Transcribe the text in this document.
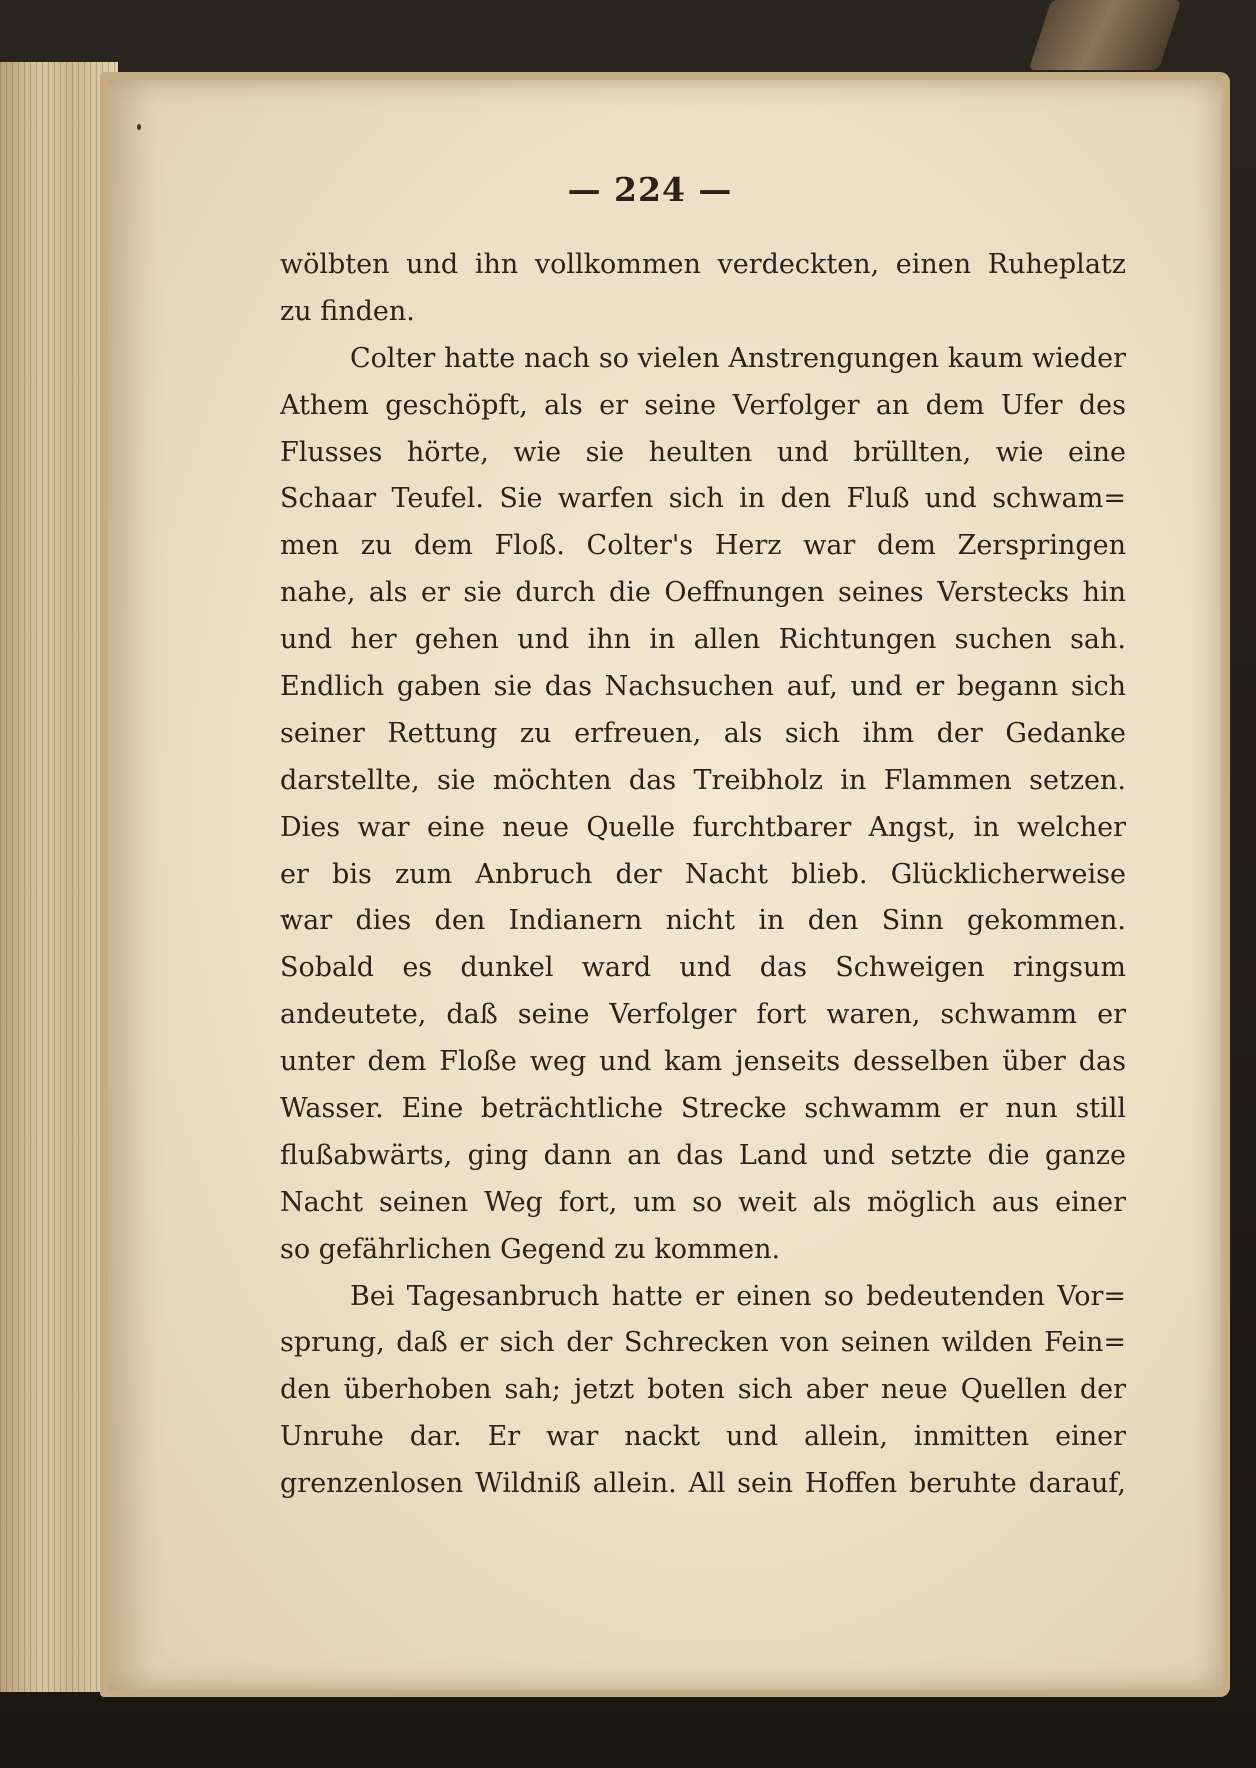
— 224 —
wölbten und ihn vollkommen verdeckten, einen Ruheplatz
zu finden.
Colter hatte nach so vielen Anstrengungen kaum wieder
Athem geschöpft, als er seine Verfolger an dem Ufer des
Flusses hörte, wie sie heulten und brüllten, wie eine
Schaar Teufel. Sie warfen sich in den Fluß und schwam=
men zu dem Floß. Colter's Herz war dem Zerspringen
nahe, als er sie durch die Oeffnungen seines Verstecks hin
und her gehen und ihn in allen Richtungen suchen sah.
Endlich gaben sie das Nachsuchen auf, und er begann sich
seiner Rettung zu erfreuen, als sich ihm der Gedanke
darstellte, sie möchten das Treibholz in Flammen setzen.
Dies war eine neue Quelle furchtbarer Angst, in welcher
er bis zum Anbruch der Nacht blieb. Glücklicherweise
war dies den Indianern nicht in den Sinn gekommen.
Sobald es dunkel ward und das Schweigen ringsum
andeutete, daß seine Verfolger fort waren, schwamm er
unter dem Floße weg und kam jenseits desselben über das
Wasser. Eine beträchtliche Strecke schwamm er nun still
flußabwärts, ging dann an das Land und setzte die ganze
Nacht seinen Weg fort, um so weit als möglich aus einer
so gefährlichen Gegend zu kommen.
Bei Tagesanbruch hatte er einen so bedeutenden Vor=
sprung, daß er sich der Schrecken von seinen wilden Fein=
den überhoben sah; jetzt boten sich aber neue Quellen der
Unruhe dar. Er war nackt und allein, inmitten einer
grenzenlosen Wildniß allein. All sein Hoffen beruhte darauf,
